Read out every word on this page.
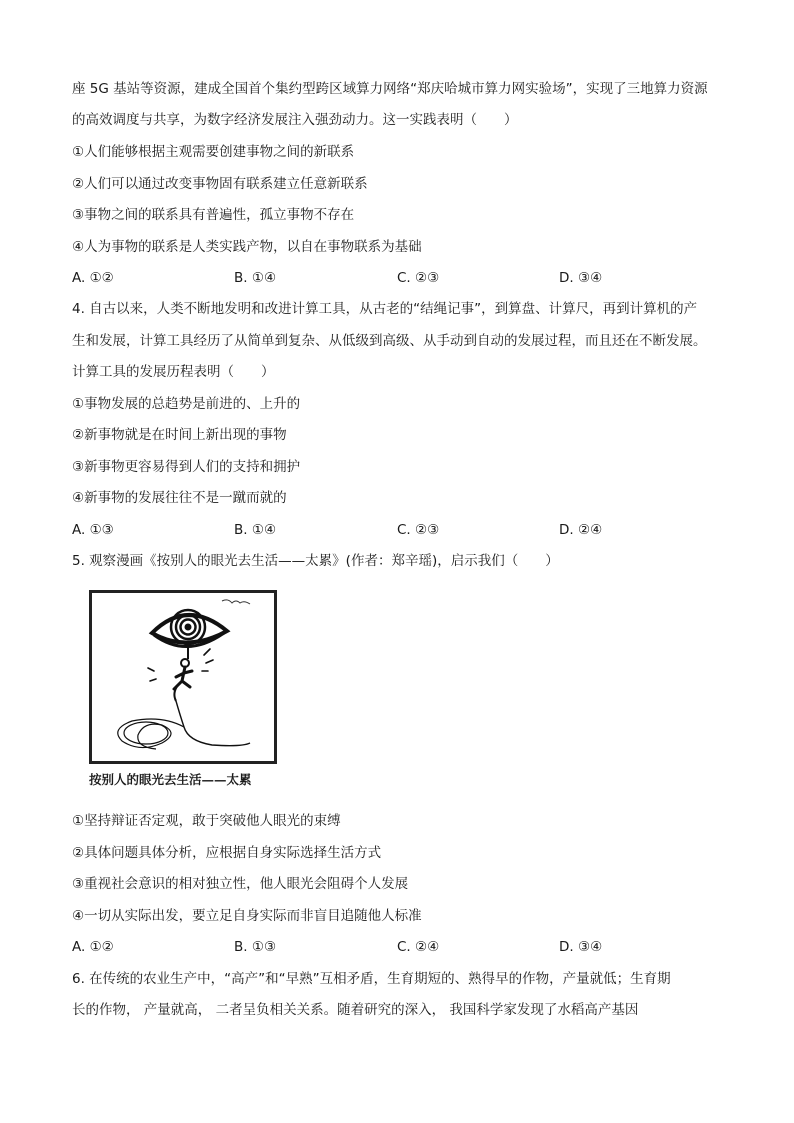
座 5G 基站等资源，建成全国首个集约型跨区域算力网络“郑庆哈城市算力网实验场”，实现了三地算力资源
的高效调度与共享，为数字经济发展注入强劲动力。这一实践表明（　　）
①人们能够根据主观需要创建事物之间的新联系
②人们可以通过改变事物固有联系建立任意新联系
③事物之间的联系具有普遍性，孤立事物不存在
④人为事物的联系是人类实践产物，以自在事物联系为基础
A. ①②	B. ①④	C. ②③	D. ③④
4. 自古以来，人类不断地发明和改进计算工具，从古老的“结绳记事”，到算盘、计算尺，再到计算机的产
生和发展，计算工具经历了从简单到复杂、从低级到高级、从手动到自动的发展过程，而且还在不断发展。
计算工具的发展历程表明（　　）
①事物发展的总趋势是前进的、上升的
②新事物就是在时间上新出现的事物
③新事物更容易得到人们的支持和拥护
④新事物的发展往往不是一蹴而就的
A. ①③	B. ①④	C. ②③	D. ②④
5. 观察漫画《按别人的眼光去生活——太累》(作者：郑辛瑶)，启示我们（　　）
按别人的眼光去生活——太累
①坚持辩证否定观，敢于突破他人眼光的束缚
②具体问题具体分析，应根据自身实际选择生活方式
③重视社会意识的相对独立性，他人眼光会阻碍个人发展
④一切从实际出发，要立足自身实际而非盲目追随他人标准
A. ①②	B. ①③	C. ②④	D. ③④
6. 在传统的农业生产中，“高产”和“早熟”互相矛盾，生育期短的、熟得早的作物，产量就低；生育期
长的作物， 产量就高， 二者呈负相关关系。随着研究的深入， 我国科学家发现了水稻高产基因
